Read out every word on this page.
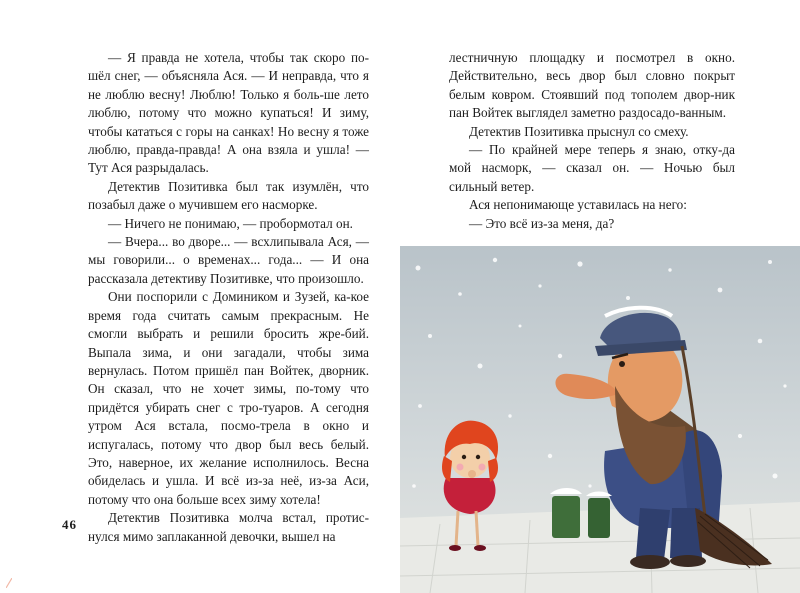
— Я правда не хотела, чтобы так скоро по-шёл снег, — объясняла Ася. — И неправда, что я не люблю весну! Люблю! Только я боль-ше лето люблю, потому что можно купаться! И зиму, чтобы кататься с горы на санках! Но весну я тоже люблю, правда-правда! А она взяла и ушла! — Тут Ася разрыдалась.

Детектив Позитивка был так изумлён, что позабыл даже о мучившем его насморке.

— Ничего не понимаю, — пробормотал он.

— Вчера... во дворе... — всхлипывала Ася, — мы говорили... о временах... года... — И она рассказала детективу Позитивке, что произошло.

Они поспорили с Домиником и Зузей, ка-кое время года считать самым прекрасным. Не смогли выбрать и решили бросить жре-бий. Выпала зима, и они загадали, чтобы зима вернулась. Потом пришёл пан Войтек, дворник. Он сказал, что не хочет зимы, по-тому что придётся убирать снег с тро-туаров. А сегодня утром Ася встала, посмо-трела в окно и испугалась, потому что двор был весь белый. Это, наверное, их желание исполнилось. Весна обиделась и ушла. И всё из-за неё, из-за Аси, потому что она больше всех зиму хотела!

Детектив Позитивка молча встал, протис-нулся мимо заплаканной девочки, вышел на

46

лестничную площадку и посмотрел в окно. Действительно, весь двор был словно покрыт белым ковром. Стоявший под тополем двор-ник пан Войтек выглядел заметно раздосадо-ванным.

Детектив Позитивка прыснул со смеху.

— По крайней мере теперь я знаю, отку-да мой насморк, — сказал он. — Ночью был сильный ветер.

Ася непонимающе уставилась на него:

— Это всё из-за меня, да?
